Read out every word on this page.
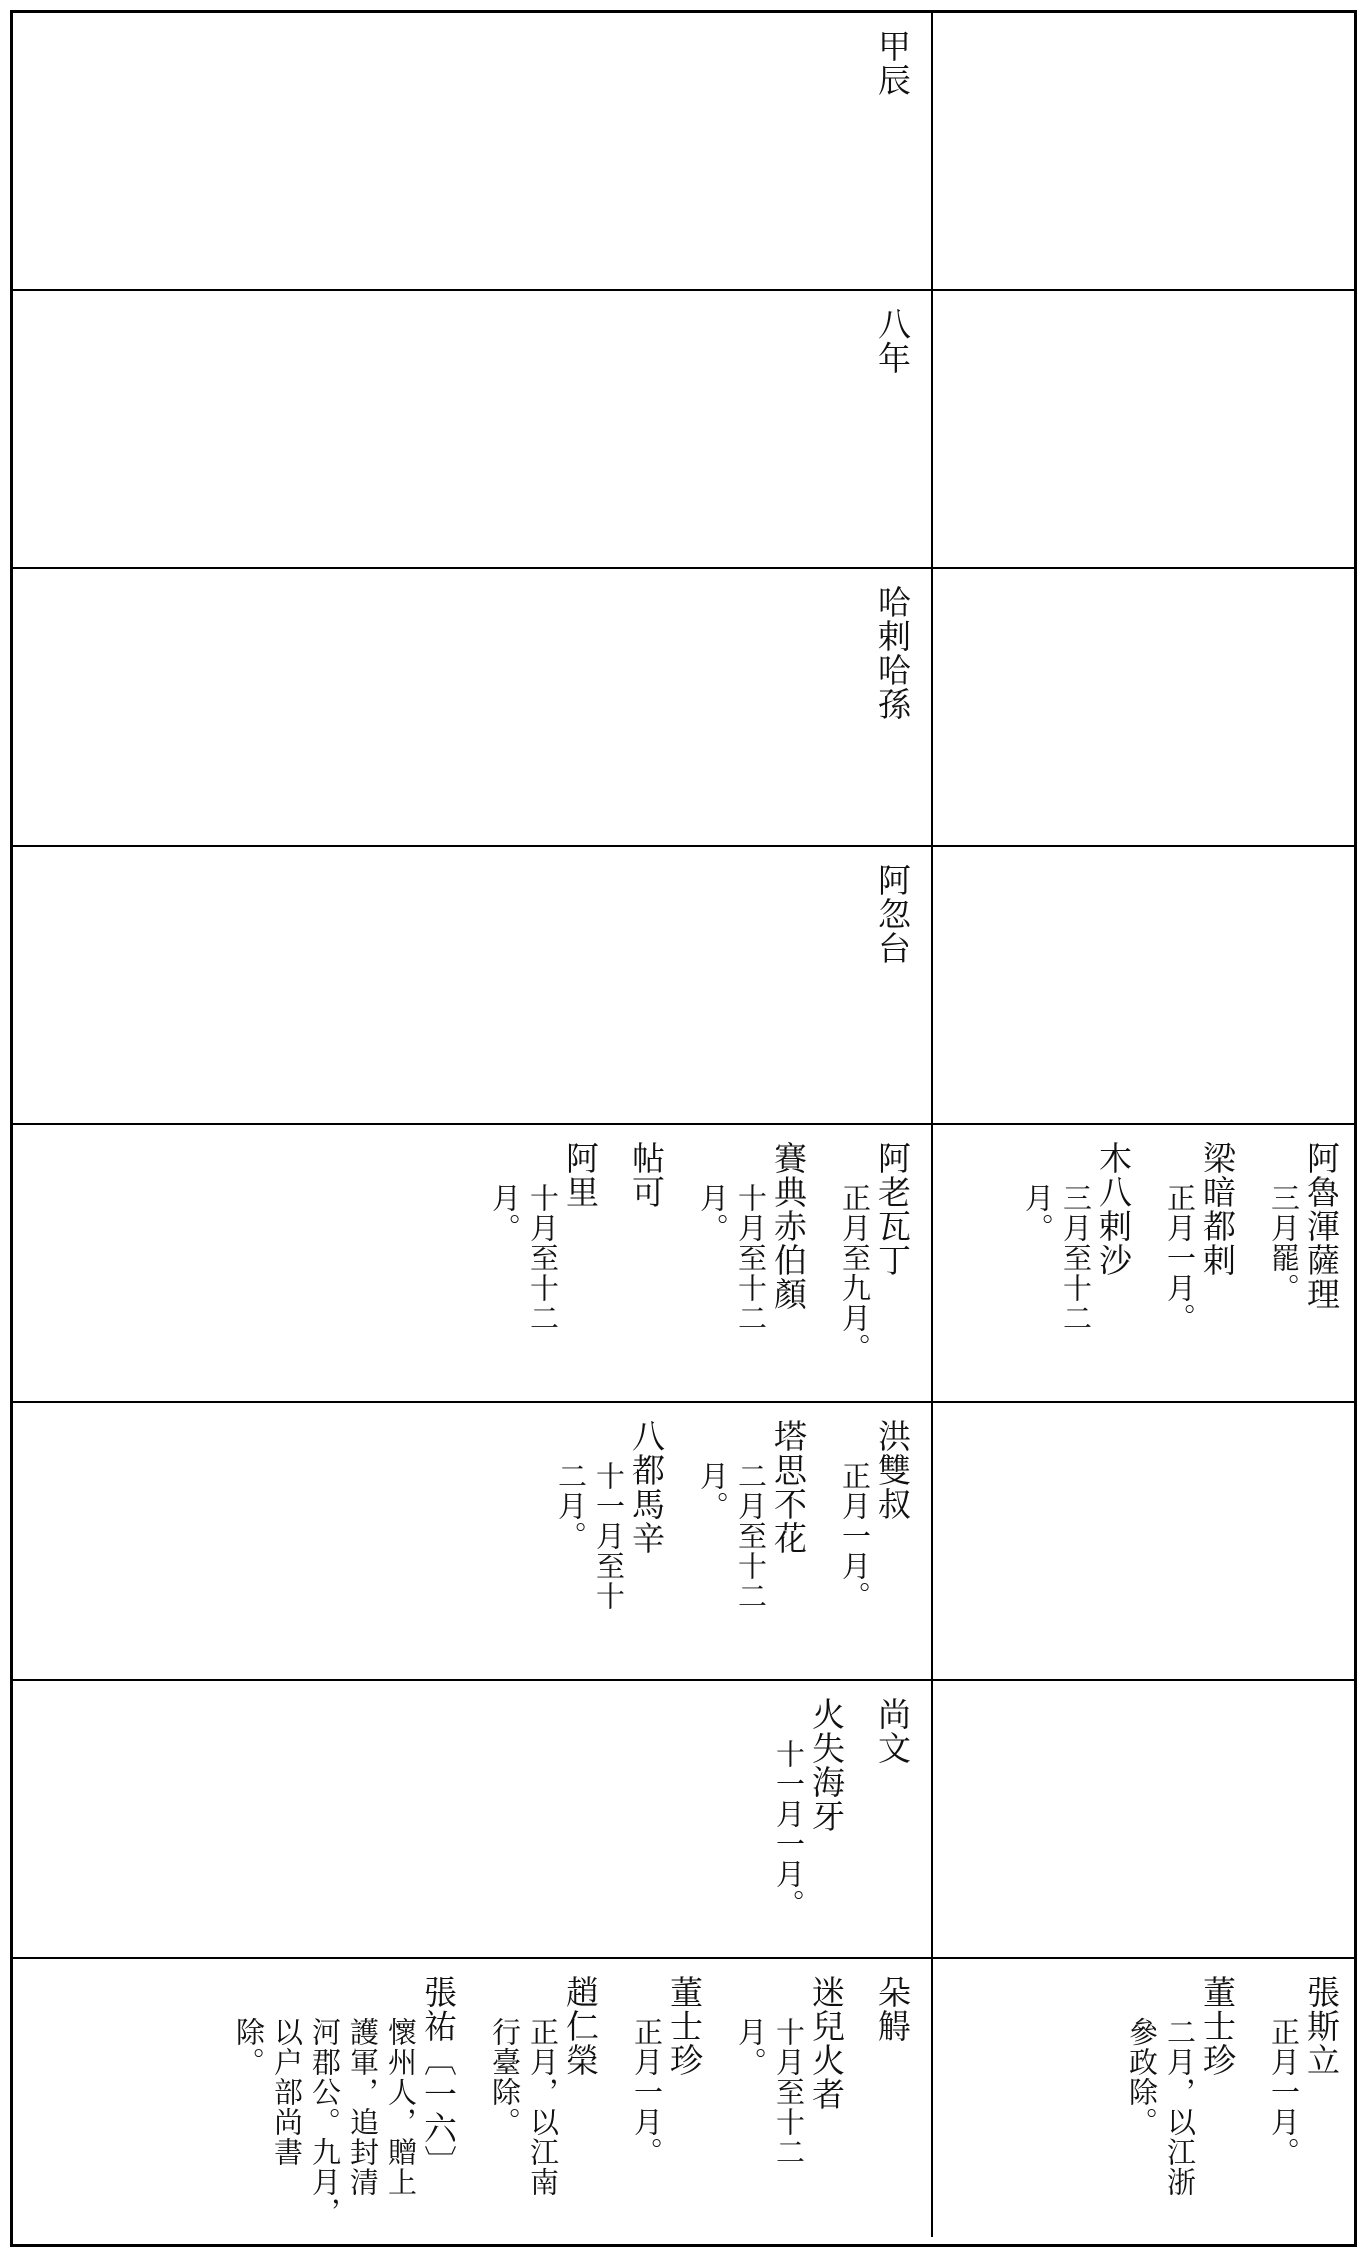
甲辰
八年
哈剌哈孫
阿忽台
阿老瓦丁
正月至九月。
賽典赤伯顏
十月至十二
月。
帖可
阿里
十月至十二
月。	阿魯渾薩理
三月罷。
梁暗都剌
正月一月。
木八剌沙
三月至十二
月。
洪雙叔
正月一月。
塔思不花
二月至十二
月。
八都馬辛
十一月至十
二月。
尚文
火失海牙
十一月一月。
朵䚟
迷兒火者
十月至十二
月。
董士珍
正月一月。
趙仁榮
正月，以江南
行臺除。
張祐〔一六〕
懷州人，贈上
護軍，追封清
河郡公。九月，
以户部尚書
除。	張斯立
正月一月。
董士珍
二月，以江浙
參政除。
